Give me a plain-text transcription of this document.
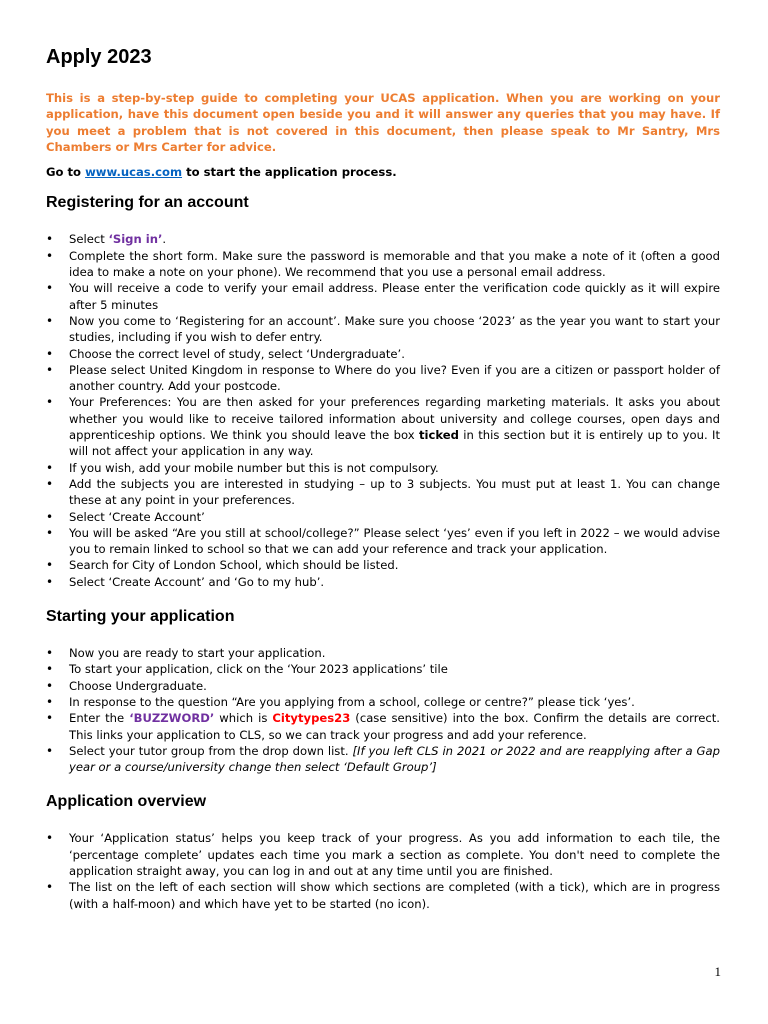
Apply 2023

This is a step-by-step guide to completing your UCAS application. When you are working on your application, have this document open beside you and it will answer any queries that you may have. If you meet a problem that is not covered in this document, then please speak to Mr Santry, Mrs Chambers or Mrs Carter for advice.

Go to www.ucas.com to start the application process.

Registering for an account
• Select ‘Sign in’.
• Complete the short form. Make sure the password is memorable and that you make a note of it (often a good idea to make a note on your phone). We recommend that you use a personal email address.
• You will receive a code to verify your email address. Please enter the verification code quickly as it will expire after 5 minutes
• Now you come to ‘Registering for an account’. Make sure you choose ‘2023’ as the year you want to start your studies, including if you wish to defer entry.
• Choose the correct level of study, select ‘Undergraduate’.
• Please select United Kingdom in response to Where do you live? Even if you are a citizen or passport holder of another country. Add your postcode.
• Your Preferences: You are then asked for your preferences regarding marketing materials. It asks you about whether you would like to receive tailored information about university and college courses, open days and apprenticeship options. We think you should leave the box ticked in this section but it is entirely up to you. It will not affect your application in any way.
• If you wish, add your mobile number but this is not compulsory.
• Add the subjects you are interested in studying – up to 3 subjects. You must put at least 1. You can change these at any point in your preferences.
• Select ‘Create Account’
• You will be asked “Are you still at school/college?” Please select ‘yes’ even if you left in 2022 – we would advise you to remain linked to school so that we can add your reference and track your application.
• Search for City of London School, which should be listed.
• Select ‘Create Account’ and ‘Go to my hub’.
Starting your application
• Now you are ready to start your application.
• To start your application, click on the ‘Your 2023 applications’ tile
• Choose Undergraduate.
• In response to the question “Are you applying from a school, college or centre?” please tick ‘yes’.
• Enter the ‘BUZZWORD’ which is Citytypes23 (case sensitive) into the box. Confirm the details are correct. This links your application to CLS, so we can track your progress and add your reference.
• Select your tutor group from the drop down list. [If you left CLS in 2021 or 2022 and are reapplying after a Gap year or a course/university change then select ‘Default Group’]
Application overview
• Your ‘Application status’ helps you keep track of your progress. As you add information to each tile, the ‘percentage complete’ updates each time you mark a section as complete. You don't need to complete the application straight away, you can log in and out at any time until you are finished.
• The list on the left of each section will show which sections are completed (with a tick), which are in progress (with a half-moon) and which have yet to be started (no icon).
1
